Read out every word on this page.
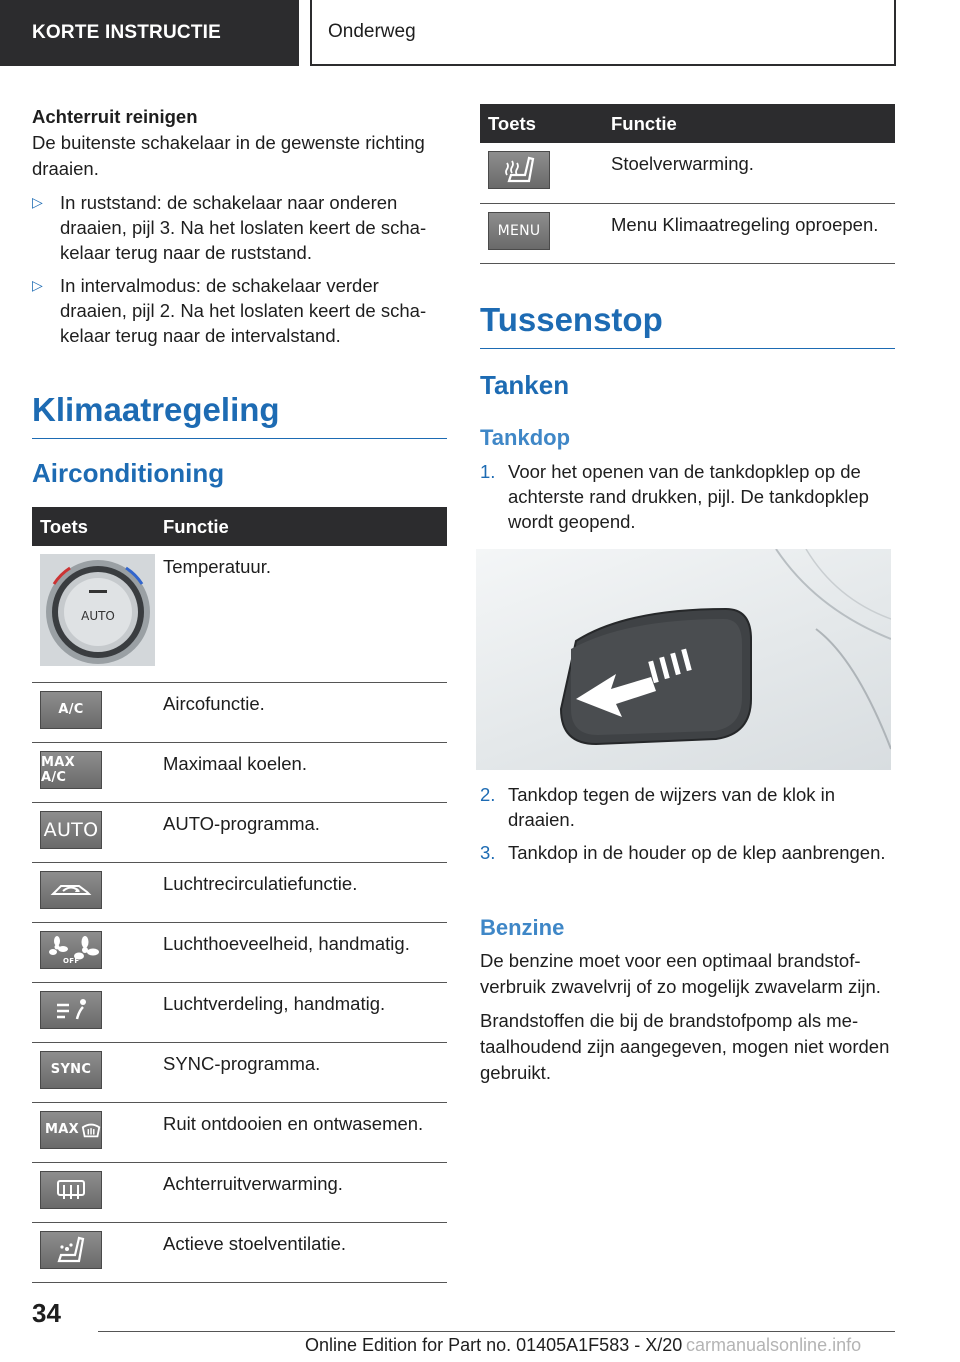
KORTE INSTRUCTIE	Onderweg
Achterruit reinigen
De buitenste schakelaar in de gewenste richting draaien.
▷ In ruststand: de schakelaar naar onderen draaien, pijl 3. Na het loslaten keert de schakelaar terug naar de ruststand.
▷ In intervalmodus: de schakelaar verder draaien, pijl 2. Na het loslaten keert de schakelaar terug naar de intervalstand.
Klimaatregeling
Airconditioning
Toets	Functie

AUTO	Temperatuur.

A/C	Aircofunctie.

MAX A/C	Maximaal koelen.

AUTO	AUTO-programma.

	Luchtrecirculatiefunctie.

OFF	Luchthoeveelheid, handmatig.

	Luchtverdeling, handmatig.

SYNC	SYNC-programma.

MAX	Ruit ontdooien en ontwasemen.

	Achterruitverwarming.

	Actieve stoelventilatie.
Toets	Functie

	Stoelverwarming.

MENU	Menu Klimaatregeling oproepen.
Tussenstop
Tanken
Tankdop
1. Voor het openen van de tankdopklep op de achterste rand drukken, pijl. De tankdopklep wordt geopend.
2. Tankdop tegen de wijzers van de klok in draaien.
3. Tankdop in de houder op de klep aanbrengen.
Benzine
De benzine moet voor een optimaal brandstofverbruik zwavelvrij of zo mogelijk zwavelarm zijn.
Brandstoffen die bij de brandstofpomp als metaalhoudend zijn aangegeven, mogen niet worden gebruikt.
34
Online Edition for Part no. 01405A1F583 - X/20 carmanualsonline.info
